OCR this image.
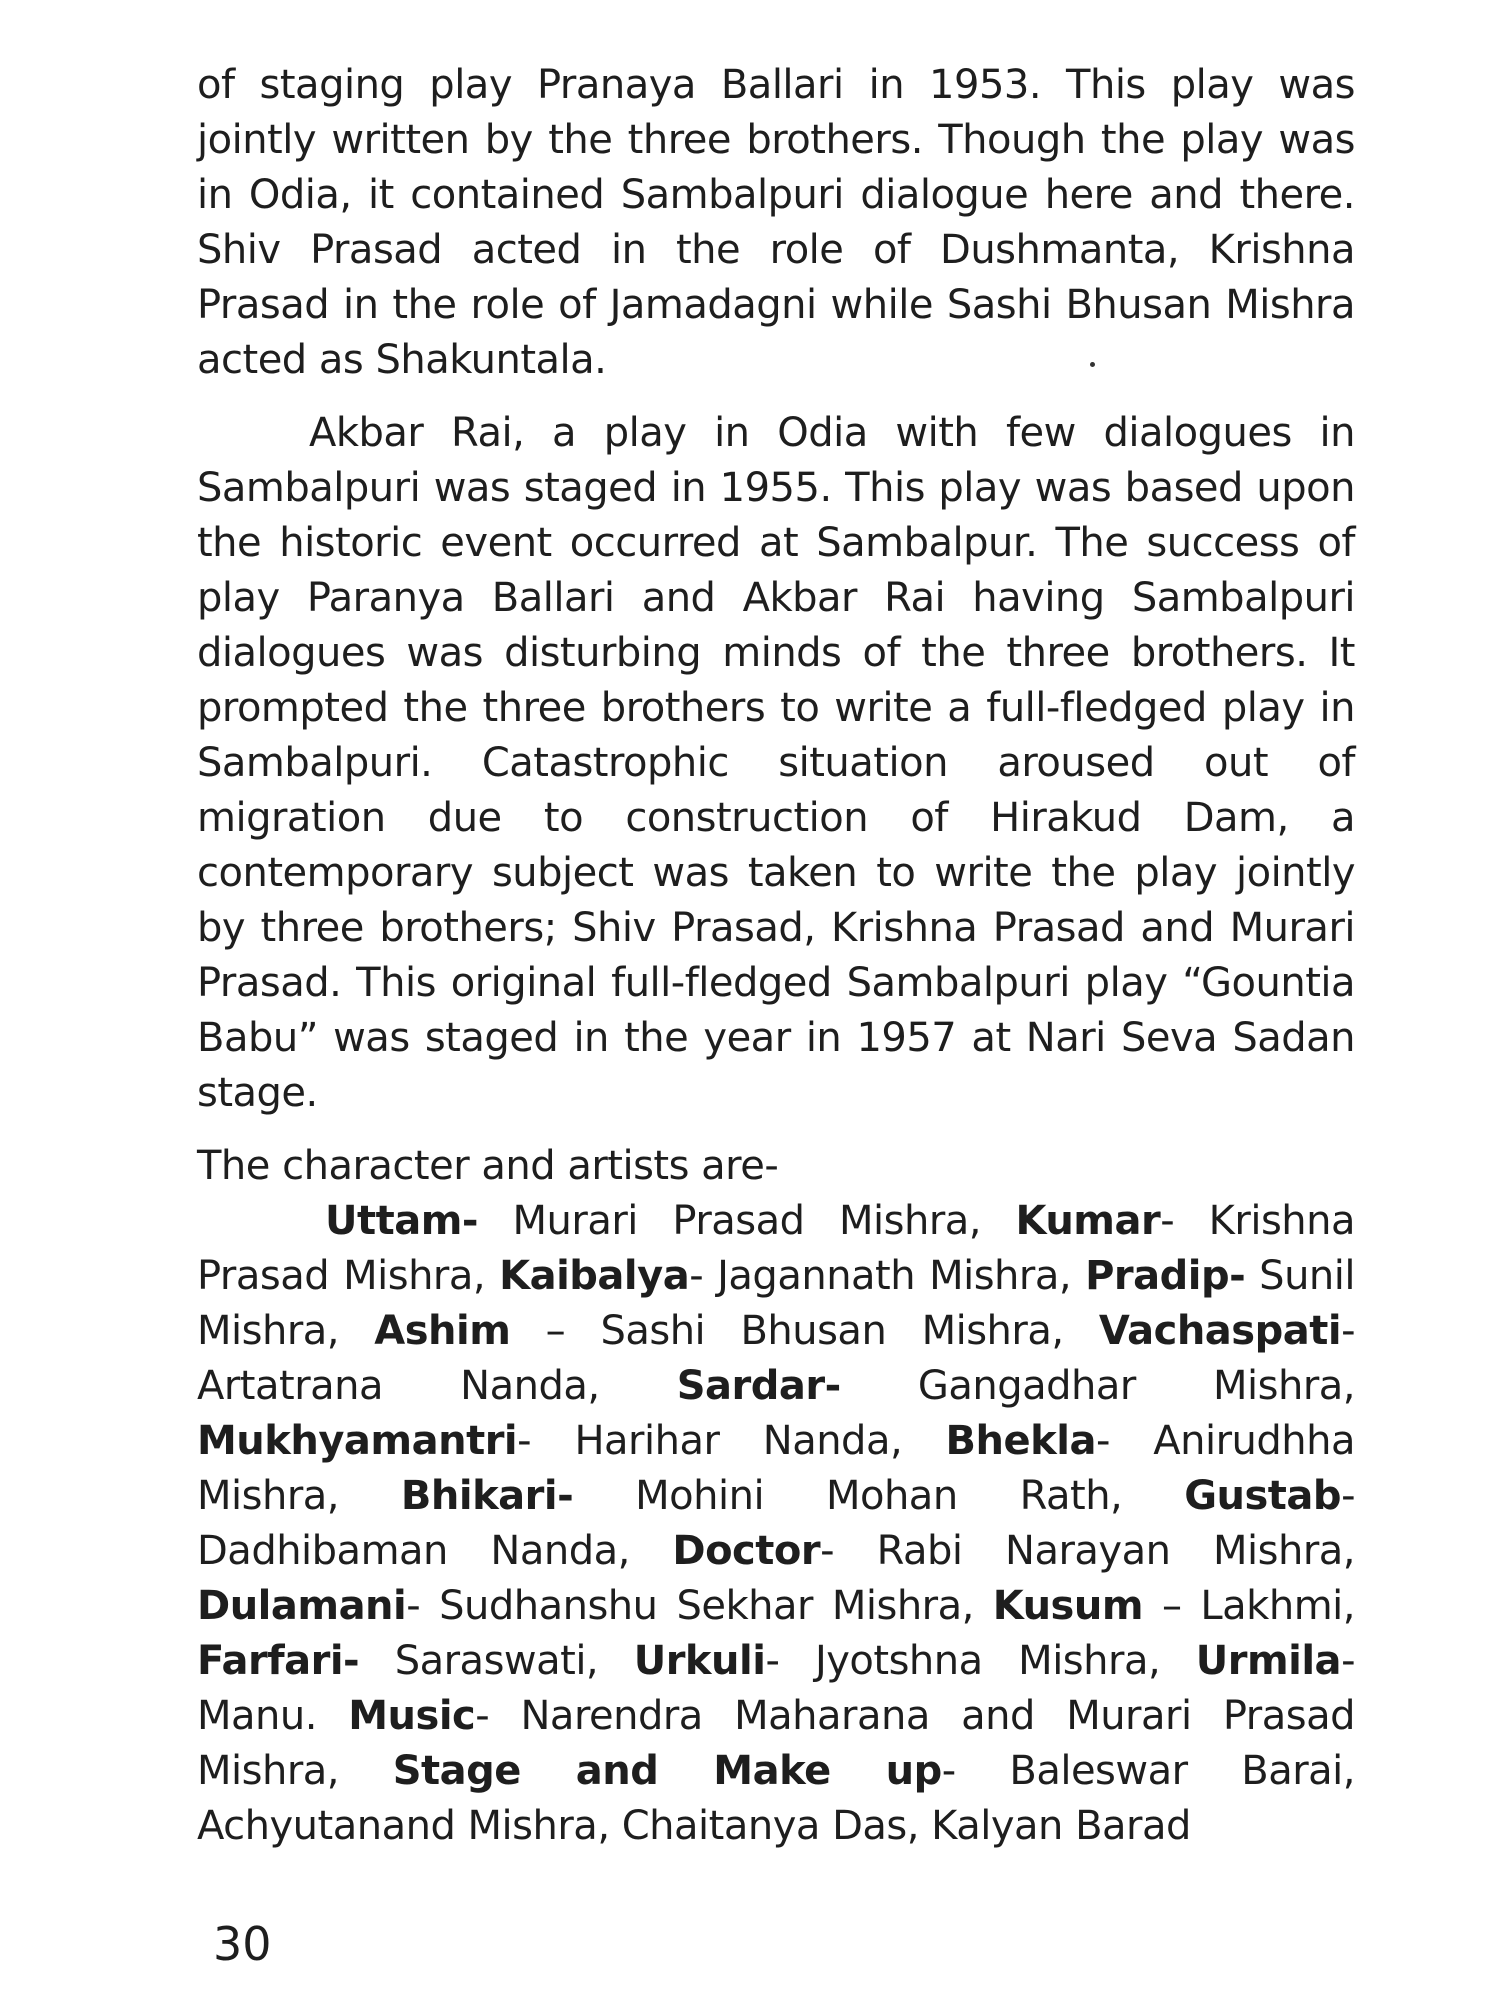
of staging play Pranaya Ballari in 1953. This play was jointly written by the three brothers. Though the play was in Odia, it contained Sambalpuri dialogue here and there. Shiv Prasad acted in the role of Dushmanta, Krishna Prasad in the role of Jamadagni while Sashi Bhusan Mishra acted as Shakuntala.

Akbar Rai, a play in Odia with few dialogues in Sambalpuri was staged in 1955. This play was based upon the historic event occurred at Sambalpur. The success of play Paranya Ballari and Akbar Rai having Sambalpuri dialogues was disturbing minds of the three brothers. It prompted the three brothers to write a full-fledged play in Sambalpuri. Catastrophic situation aroused out of migration due to construction of Hirakud Dam, a contemporary subject was taken to write the play jointly by three brothers; Shiv Prasad, Krishna Prasad and Murari Prasad. This original full-fledged Sambalpuri play “Gountia Babu” was staged in the year in 1957 at Nari Seva Sadan stage.

The character and artists are-

Uttam- Murari Prasad Mishra, Kumar- Krishna Prasad Mishra, Kaibalya- Jagannath Mishra, Pradip- Sunil Mishra, Ashim – Sashi Bhusan Mishra, Vachaspati- Artatrana Nanda, Sardar- Gangadhar Mishra, Mukhyamantri- Harihar Nanda, Bhekla- Anirudhha Mishra, Bhikari- Mohini Mohan Rath, Gustab- Dadhibaman Nanda, Doctor- Rabi Narayan Mishra, Dulamani- Sudhanshu Sekhar Mishra, Kusum – Lakhmi, Farfari- Saraswati, Urkuli- Jyotshna Mishra, Urmila- Manu. Music- Narendra Maharana and Murari Prasad Mishra, Stage and Make up- Baleswar Barai, Achyutanand Mishra, Chaitanya Das, Kalyan Barad

30
